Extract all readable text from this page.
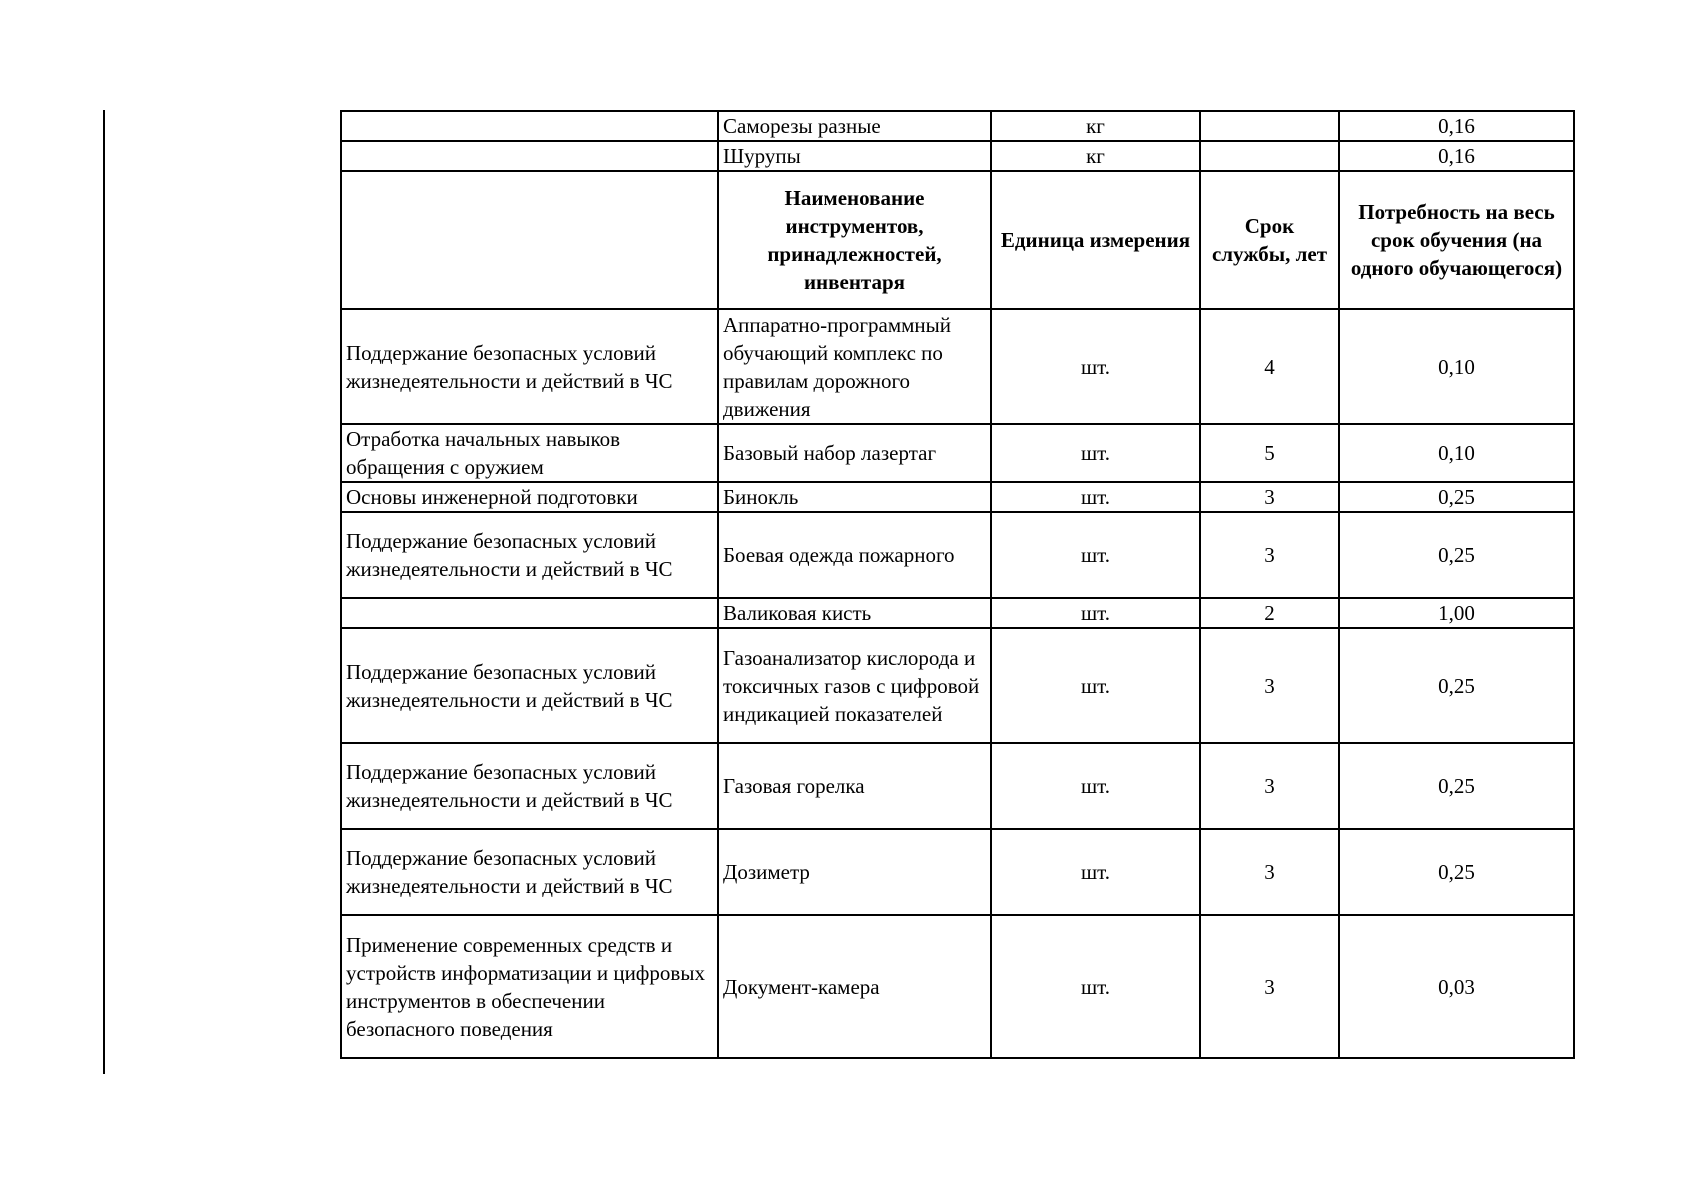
	Саморезы разные	кг		0,16
	Шурупы	кг		0,16
	Наименование инструментов, принадлежностей, инвентаря	Единица измерения	Срок службы, лет	Потребность на весь срок обучения (на одного обучающегося)
Поддержание безопасных условий жизнедеятельности и действий в ЧС	Аппаратно-программный обучающий комплекс по правилам дорожного движения	шт.	4	0,10
Отработка начальных навыков обращения с оружием	Базовый набор лазертаг	шт.	5	0,10
Основы инженерной подготовки	Бинокль	шт.	3	0,25
Поддержание безопасных условий жизнедеятельности и действий в ЧС	Боевая одежда пожарного	шт.	3	0,25
	Валиковая кисть	шт.	2	1,00
Поддержание безопасных условий жизнедеятельности и действий в ЧС	Газоанализатор кислорода и токсичных газов с цифровой индикацией показателей	шт.	3	0,25
Поддержание безопасных условий жизнедеятельности и действий в ЧС	Газовая горелка	шт.	3	0,25
Поддержание безопасных условий жизнедеятельности и действий в ЧС	Дозиметр	шт.	3	0,25
Применение современных средств и устройств информатизации и цифровых инструментов в обеспечении безопасного поведения	Документ-камера	шт.	3	0,03
